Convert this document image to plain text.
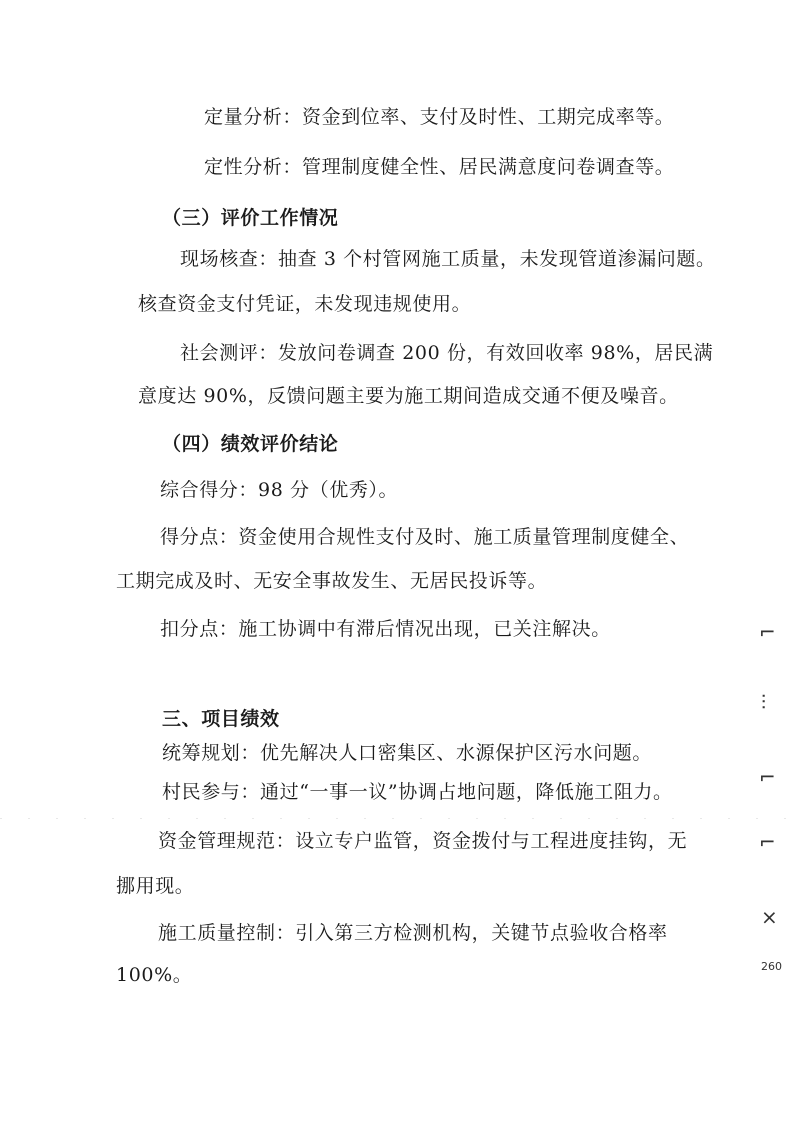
定量分析：资金到位率、支付及时性、工期完成率等。
定性分析：管理制度健全性、居民满意度问卷调查等。
（三）评价工作情况
现场核查：抽查 3 个村管网施工质量，未发现管道渗漏问题。
核查资金支付凭证，未发现违规使用。
社会测评：发放问卷调查 200 份，有效回收率 98%，居民满
意度达 90%，反馈问题主要为施工期间造成交通不便及噪音。
（四）绩效评价结论
综合得分：98 分（优秀）。
得分点：资金使用合规性支付及时、施工质量管理制度健全、
工期完成及时、无安全事故发生、无居民投诉等。
扣分点：施工协调中有滞后情况出现，已关注解决。
三、项目绩效
统筹规划：优先解决人口密集区、水源保护区污水问题。
村民参与：通过“一事一议”协调占地问题，降低施工阻力。
资金管理规范：设立专户监管，资金拨付与工程进度挂钩，无
挪用现。
施工质量控制：引入第三方检测机构，关键节点验收合格率
100%。
⌐
⫶
⌐
⌐
⨯
260
